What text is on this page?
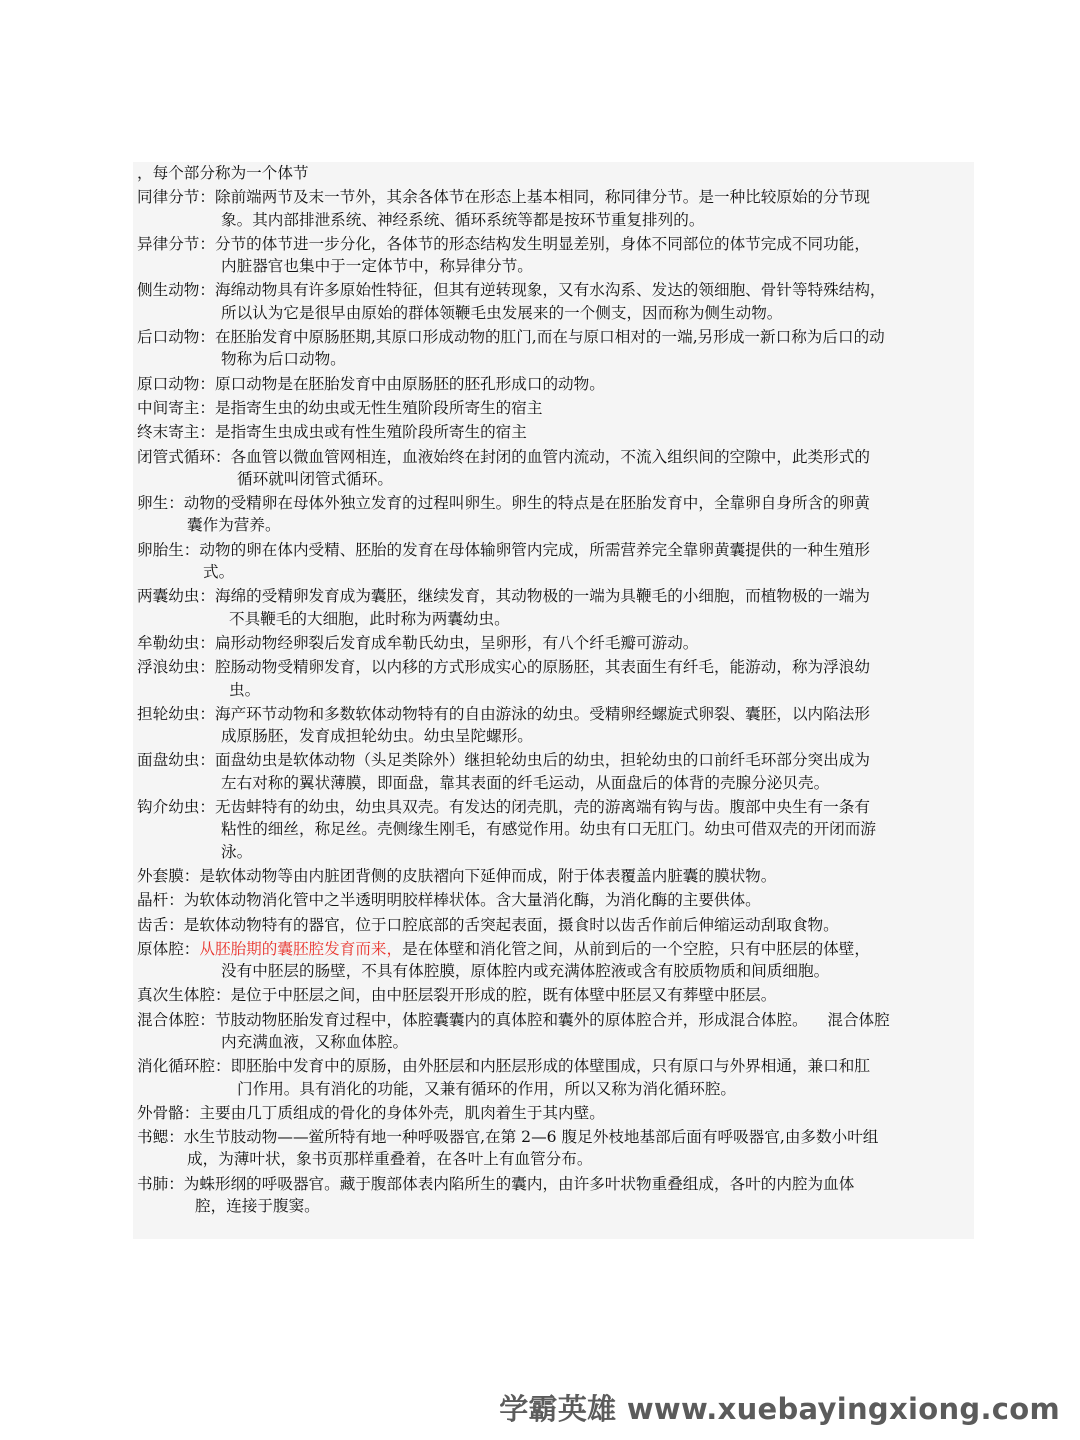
，每个部分称为一个体节
同律分节：除前端两节及末一节外，其余各体节在形态上基本相同，称同律分节。是一种比较原始的分节现
象。其内部排泄系统、神经系统、循环系统等都是按环节重复排列的。
异律分节：分节的体节进一步分化，各体节的形态结构发生明显差别，身体不同部位的体节完成不同功能，
内脏器官也集中于一定体节中，称异律分节。
侧生动物：海绵动物具有许多原始性特征，但其有逆转现象，又有水沟系、发达的领细胞、骨针等特殊结构，
所以认为它是很早由原始的群体领鞭毛虫发展来的一个侧支，因而称为侧生动物。
后口动物：在胚胎发育中原肠胚期,其原口形成动物的肛门,而在与原口相对的一端,另形成一新口称为后口的动
物称为后口动物。
原口动物：原口动物是在胚胎发育中由原肠胚的胚孔形成口的动物。
中间寄主：是指寄生虫的幼虫或无性生殖阶段所寄生的宿主
终末寄主：是指寄生虫成虫或有性生殖阶段所寄生的宿主
闭管式循环：各血管以微血管网相连，血液始终在封闭的血管内流动，不流入组织间的空隙中，此类形式的
循环就叫闭管式循环。
卵生：动物的受精卵在母体外独立发育的过程叫卵生。卵生的特点是在胚胎发育中，全靠卵自身所含的卵黄
囊作为营养。
卵胎生：动物的卵在体内受精、胚胎的发育在母体输卵管内完成，所需营养完全靠卵黄囊提供的一种生殖形
式。
两囊幼虫：海绵的受精卵发育成为囊胚，继续发育，其动物极的一端为具鞭毛的小细胞，而植物极的一端为
不具鞭毛的大细胞，此时称为两囊幼虫。
牟勒幼虫：扁形动物经卵裂后发育成牟勒氏幼虫，呈卵形，有八个纤毛瓣可游动。
浮浪幼虫：腔肠动物受精卵发育，以内移的方式形成实心的原肠胚，其表面生有纤毛，能游动，称为浮浪幼
虫。
担轮幼虫：海产环节动物和多数软体动物特有的自由游泳的幼虫。受精卵经螺旋式卵裂、囊胚，以内陷法形
成原肠胚，发育成担轮幼虫。幼虫呈陀螺形。
面盘幼虫：面盘幼虫是软体动物（头足类除外）继担轮幼虫后的幼虫，担轮幼虫的口前纤毛环部分突出成为
左右对称的翼状薄膜，即面盘，靠其表面的纤毛运动，从面盘后的体背的壳腺分泌贝壳。
钩介幼虫：无齿蚌特有的幼虫，幼虫具双壳。有发达的闭壳肌，壳的游离端有钩与齿。腹部中央生有一条有
粘性的细丝，称足丝。壳侧缘生刚毛，有感觉作用。幼虫有口无肛门。幼虫可借双壳的开闭而游
泳。
外套膜：是软体动物等由内脏团背侧的皮肤褶向下延伸而成，附于体表覆盖内脏囊的膜状物。
晶杆：为软体动物消化管中之半透明明胶样棒状体。含大量消化酶，为消化酶的主要供体。
齿舌：是软体动物特有的器官，位于口腔底部的舌突起表面，摄食时以齿舌作前后伸缩运动刮取食物。
原体腔：从胚胎期的囊胚腔发育而来，是在体壁和消化管之间，从前到后的一个空腔，只有中胚层的体壁，
没有中胚层的肠壁，不具有体腔膜，原体腔内或充满体腔液或含有胶质物质和间质细胞。
真次生体腔：是位于中胚层之间，由中胚层裂开形成的腔，既有体壁中胚层又有葬壁中胚层。
混合体腔：节肢动物胚胎发育过程中，体腔囊囊内的真体腔和囊外的原体腔合并，形成混合体腔。    混合体腔
内充满血液，又称血体腔。
消化循环腔：即胚胎中发育中的原肠，由外胚层和内胚层形成的体壁围成，只有原口与外界相通，兼口和肛
门作用。具有消化的功能，又兼有循环的作用，所以又称为消化循环腔。
外骨骼：主要由几丁质组成的骨化的身体外壳，肌肉着生于其内壁。
书鳃：水生节肢动物——鲎所特有地一种呼吸器官,在第 2—6 腹足外枝地基部后面有呼吸器官,由多数小叶组
成，为薄叶状，象书页那样重叠着，在各叶上有血管分布。
书肺：为蛛形纲的呼吸器官。藏于腹部体表内陷所生的囊内，由许多叶状物重叠组成，各叶的内腔为血体
腔，连接于腹窦。
学霸英雄 www.xuebayingxiong.com
